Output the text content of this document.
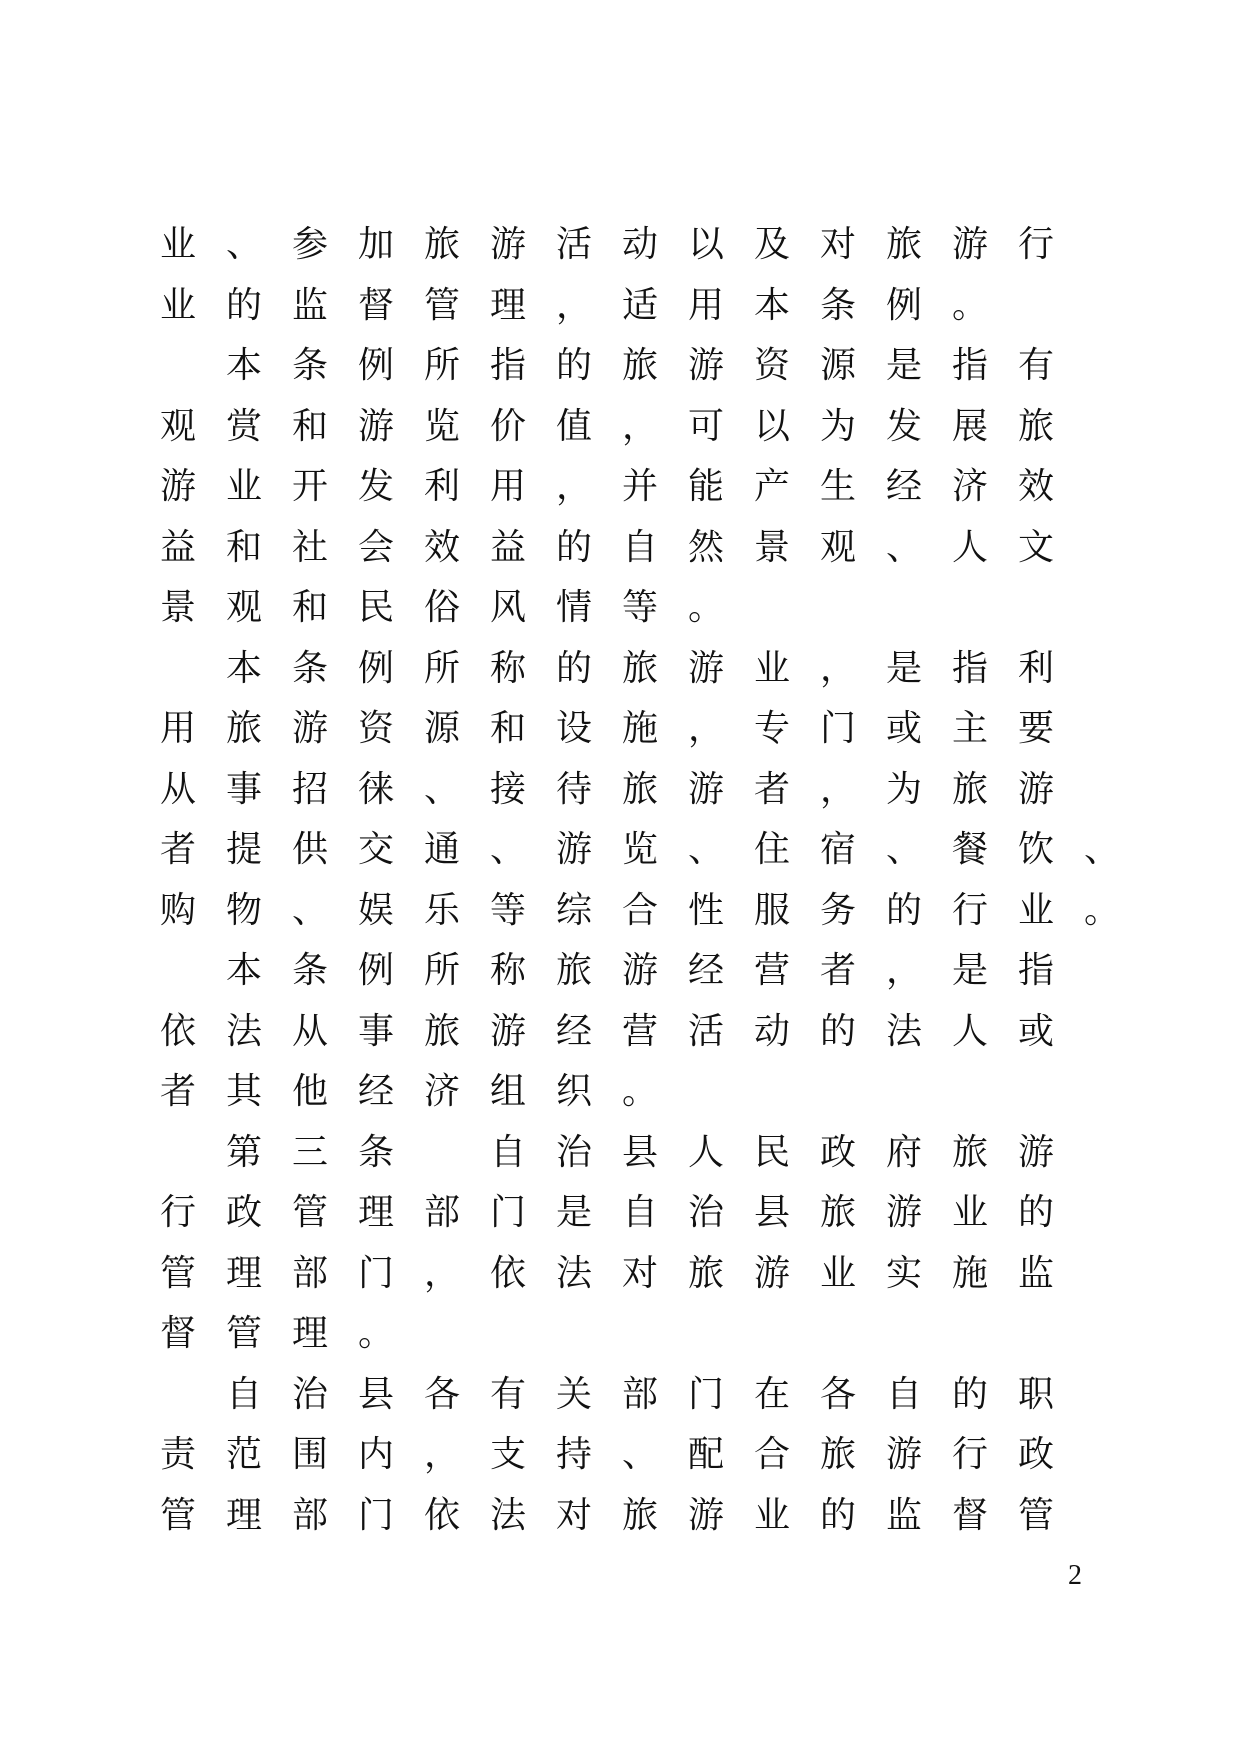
业、参加旅游活动以及对旅游行
业的监督管理，适用本条例。
本条例所指的旅游资源是指有
观赏和游览价值，可以为发展旅
游业开发利用，并能产生经济效
益和社会效益的自然景观、人文
景观和民俗风情等。
本条例所称的旅游业，是指利
用旅游资源和设施，专门或主要
从事招徕、接待旅游者，为旅游
者提供交通、游览、住宿、餐饮、
购物、娱乐等综合性服务的行业。
本条例所称旅游经营者，是指
依法从事旅游经营活动的法人或
者其他经济组织。
第三条　自治县人民政府旅游
行政管理部门是自治县旅游业的
管理部门，依法对旅游业实施监
督管理。
自治县各有关部门在各自的职
责范围内，支持、配合旅游行政
管理部门依法对旅游业的监督管
2
